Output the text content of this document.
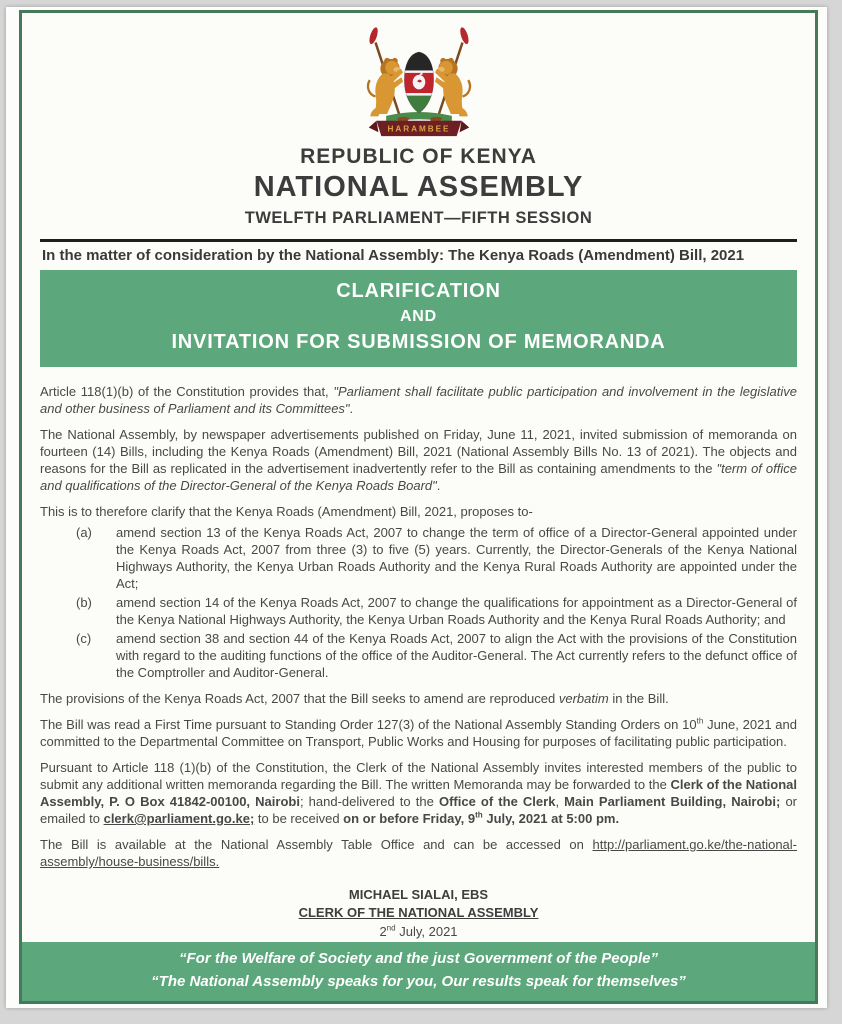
HARAMBEE
REPUBLIC OF KENYA
NATIONAL ASSEMBLY
TWELFTH PARLIAMENT—FIFTH SESSION
In the matter of consideration by the National Assembly: The Kenya Roads (Amendment) Bill, 2021
CLARIFICATION
AND
INVITATION FOR SUBMISSION OF MEMORANDA

Article 118(1)(b) of the Constitution provides that, "Parliament shall facilitate public participation and involvement in the legislative and other business of Parliament and its Committees".

The National Assembly, by newspaper advertisements published on Friday, June 11, 2021, invited submission of memoranda on fourteen (14) Bills, including the Kenya Roads (Amendment) Bill, 2021 (National Assembly Bills No. 13 of 2021). The objects and reasons for the Bill as replicated in the advertisement inadvertently refer to the Bill as containing amendments to the "term of office and qualifications of the Director-General of the Kenya Roads Board".

This is to therefore clarify that the Kenya Roads (Amendment) Bill, 2021, proposes to-

(a)	amend section 13 of the Kenya Roads Act, 2007 to change the term of office of a Director-General appointed under the Kenya Roads Act, 2007 from three (3) to five (5) years. Currently, the Director-Generals of the Kenya National Highways Authority, the Kenya Urban Roads Authority and the Kenya Rural Roads Authority are appointed under the Act;
(b)	amend section 14 of the Kenya Roads Act, 2007 to change the qualifications for appointment as a Director-General of the Kenya National Highways Authority, the Kenya Urban Roads Authority and the Kenya Rural Roads Authority; and
(c)	amend section 38 and section 44 of the Kenya Roads Act, 2007 to align the Act with the provisions of the Constitution with regard to the auditing functions of the office of the Auditor-General. The Act currently refers to the defunct office of the Comptroller and Auditor-General.

The provisions of the Kenya Roads Act, 2007 that the Bill seeks to amend are reproduced verbatim in the Bill.

The Bill was read a First Time pursuant to Standing Order 127(3) of the National Assembly Standing Orders on 10th June, 2021 and committed to the Departmental Committee on Transport, Public Works and Housing for purposes of facilitating public participation.

Pursuant to Article 118 (1)(b) of the Constitution, the Clerk of the National Assembly invites interested members of the public to submit any additional written memoranda regarding the Bill. The written Memoranda may be forwarded to the Clerk of the National Assembly, P. O Box 41842-00100, Nairobi; hand-delivered to the Office of the Clerk, Main Parliament Building, Nairobi; or emailed to clerk@parliament.go.ke; to be received on or before Friday, 9th July, 2021 at 5:00 pm.

The Bill is available at the National Assembly Table Office and can be accessed on http://parliament.go.ke/the-national-assembly/house-business/bills.

MICHAEL SIALAI, EBS
CLERK OF THE NATIONAL ASSEMBLY
2nd July, 2021
“For the Welfare of Society and the just Government of the People”
“The National Assembly speaks for you, Our results speak for themselves”
